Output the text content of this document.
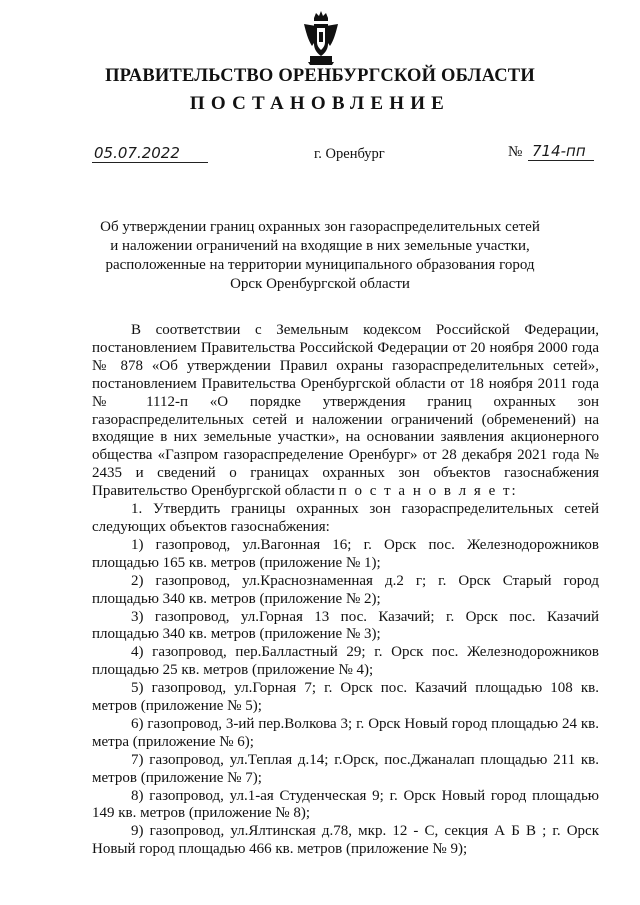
ПРАВИТЕЛЬСТВО ОРЕНБУРГСКОЙ ОБЛАСТИ
ПОСТАНОВЛЕНИЕ
05.07.2022	г. Оренбург	№ 714-пп
Об утверждении границ охранных зон газораспределительных сетей и наложении ограничений на входящие в них земельные участки, расположенные на территории муниципального образования город Орск Оренбургской области

В соответствии с Земельным кодексом Российской Федерации, постановлением Правительства Российской Федерации от 20 ноября 2000 года № 878 «Об утверждении Правил охраны газораспределительных сетей», постановлением Правительства Оренбургской области от 18 ноября 2011 года № 1112-п «О порядке утверждения границ охранных зон газораспределительных сетей и наложении ограничений (обременений) на входящие в них земельные участки», на основании заявления акционерного общества «Газпром газораспределение Оренбург» от 28 декабря 2021 года № 2435 и сведений о границах охранных зон объектов газоснабжения Правительство Оренбургской области п о с т а н о в л я е т:

1. Утвердить границы охранных зон газораспределительных сетей следующих объектов газоснабжения:

1) газопровод, ул.Вагонная 16; г. Орск пос. Железнодорожников площадью 165 кв. метров (приложение № 1);

2) газопровод, ул.Краснознаменная д.2 г; г. Орск Старый город площадью 340 кв. метров (приложение № 2);

3) газопровод, ул.Горная 13 пос. Казачий; г. Орск пос. Казачий площадью 340 кв. метров (приложение № 3);

4) газопровод, пер.Балластный 29; г. Орск пос. Железнодорожников площадью 25 кв. метров (приложение № 4);

5) газопровод, ул.Горная 7; г. Орск пос. Казачий площадью 108 кв. метров (приложение № 5);

6) газопровод, 3-ий пер.Волкова 3; г. Орск Новый город площадью 24 кв. метра (приложение № 6);

7) газопровод, ул.Теплая д.14; г.Орск, пос.Джаналап площадью 211 кв. метров (приложение № 7);

8) газопровод, ул.1-ая Студенческая 9; г. Орск Новый город площадью 149 кв. метров (приложение № 8);

9) газопровод, ул.Ялтинская д.78, мкр. 12 - С, секция А Б В ; г. Орск Новый город площадью 466 кв. метров (приложение № 9);
